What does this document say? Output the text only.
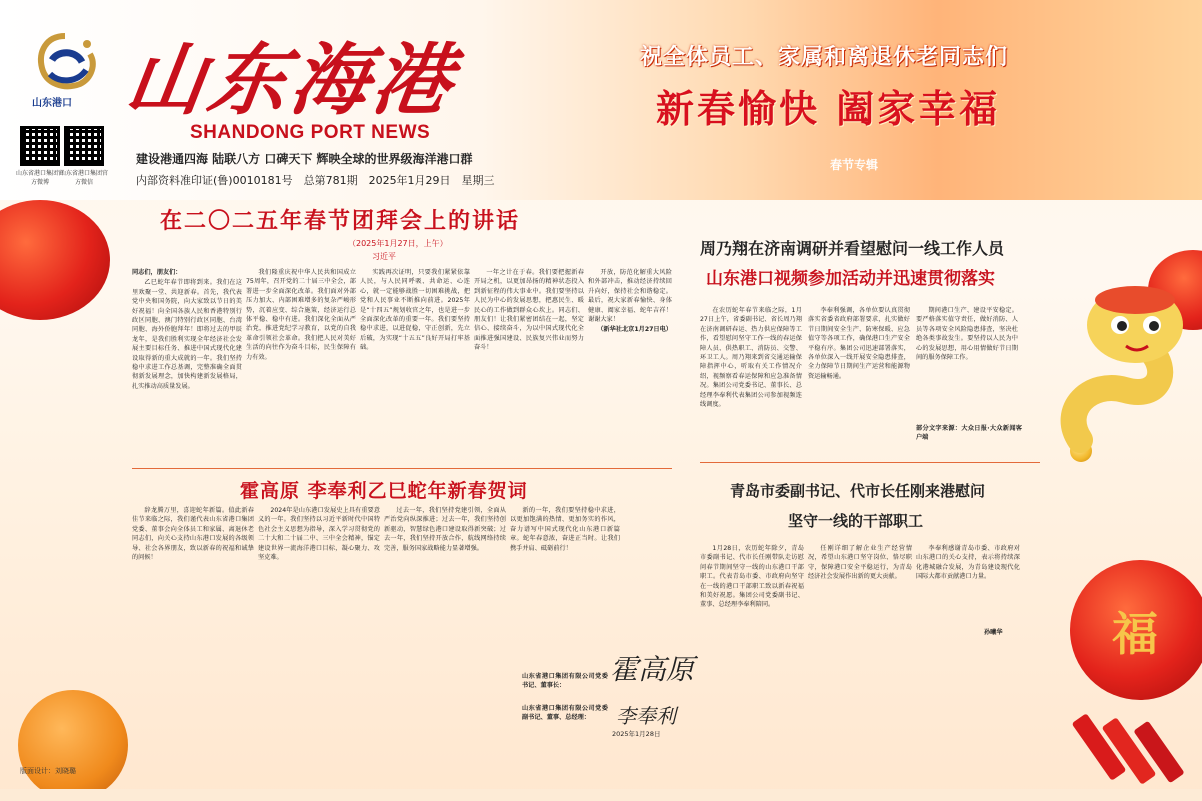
山东港口 山东海港
SHANDONG PORT NEWS
建设港通四海 陆联八方 口碑天下 辉映全球的世界级海洋港口群
内部资料准印证(鲁)0010181号　总第781期　2025年1月29日　星期三
山东省港口集团官方微博
山东省港口集团官方微信
祝全体员工、家属和离退休老同志们
新春愉快 阖家幸福
春节专辑
福
在二〇二五年春节团拜会上的讲话
（2025年1月27日，上午）
习近平

同志们，朋友们：

乙巳蛇年春节即将到来。我们在这里欢聚一堂、共迎新春。首先，我代表党中央和国务院，向大家致以节日的美好祝福！向全国各族人民和香港特别行政区同胞、澳门特别行政区同胞、台湾同胞、海外侨胞拜年！即将过去的甲辰龙年，是我们胜利实现全年经济社会发展主要目标任务、推进中国式现代化建设取得新的重大成就的一年。我们坚持稳中求进工作总基调，完整准确全面贯彻新发展理念，加快构建新发展格局，扎实推动高质量发展。

我们隆重庆祝中华人民共和国成立75周年，召开党的二十届三中全会，部署进一步全面深化改革。我们面对外部压力加大、内部困难增多的复杂严峻形势，沉着应变、综合施策，经济运行总体平稳、稳中有进。我们深化全面从严治党，推进党纪学习教育，以党的自我革命引领社会革命。我们把人民对美好生活的向往作为奋斗目标，民生保障有力有效。

实践再次证明，只要我们紧紧依靠人民，与人民同呼吸、共命运、心连心，就一定能够战胜一切困难挑战，把党和人民事业不断推向前进。2025年是“十四五”规划收官之年，也是进一步全面深化改革的重要一年。我们要坚持稳中求进，以进促稳，守正创新，先立后破，为实现“十五五”良好开局打牢基础。

一年之计在于春。我们要把握新春开局之机，以更加昂扬的精神状态投入到新征程的伟大事业中。我们要坚持以人民为中心的发展思想，把惠民生、暖民心的工作做到群众心坎上。同志们、朋友们！让我们紧密团结在一起，坚定信心、接续奋斗，为以中国式现代化全面推进强国建设、民族复兴伟业而努力奋斗！

开放，防范化解重大风险和外部冲击，推动经济持续回升向好，保持社会和谐稳定。最后，祝大家新春愉快、身体健康、阖家幸福、蛇年吉祥！谢谢大家！

（新华社北京1月27日电）

霍高原 李奉利乙巳蛇年新春贺词

辞龙腾万里，喜迎蛇年新篇。值此新春佳节来临之际，我们谨代表山东省港口集团党委、董事会向全体员工和家属、离退休老同志们，向关心支持山东港口发展的各级领导、社会各界朋友，致以新春的祝福和诚挚的问候！

2024年是山东港口发展史上具有重要意义的一年。我们坚持以习近平新时代中国特色社会主义思想为指导，深入学习贯彻党的二十大和二十届二中、三中全会精神，锚定建设世界一流海洋港口目标，凝心聚力、攻坚克难。

过去一年，我们坚持党建引领，全面从严治党向纵深推进；过去一年，我们坚持创新驱动，智慧绿色港口建设取得新突破；过去一年，我们坚持开放合作，航线网络持续完善，服务国家战略能力显著增强。

新的一年，我们要坚持稳中求进，以更加饱满的热情、更加务实的作风，奋力谱写中国式现代化山东港口新篇章。蛇年春意浓，奋进正当时。让我们携手并肩、砥砺前行！

山东省港口集团有限公司党委书记、董事长：
山东省港口集团有限公司党委副书记、董事、总经理：
霍高原
李奉利
2025年1月28日
周乃翔在济南调研并看望慰问一线工作人员
山东港口视频参加活动并迅速贯彻落实

在农历蛇年春节来临之际，1月27日上午，省委副书记、省长周乃翔在济南调研春运、热力供应保障等工作，看望慰问坚守工作一线的春运保障人员、供热职工、消防员、交警、环卫工人。周乃翔来到省交通运输保障指挥中心，听取有关工作情况介绍，视频察看春运保障和应急准备情况。集团公司党委书记、董事长、总经理李奉利代表集团公司参加视频连线调度。

李奉利强调，各单位要认真贯彻落实省委省政府部署要求，扎实做好节日期间安全生产、防寒保暖、应急值守等各项工作，确保港口生产安全平稳有序。集团公司迅速部署落实，各单位深入一线开展安全隐患排查，全力保障节日期间生产运营和能源物资运输畅通。

期间港口生产、建设平安稳定。要严格落实值守责任，做好消防、人员等各项安全风险隐患排查，坚决杜绝各类事故发生。要坚持以人民为中心的发展思想，用心用情做好节日期间的服务保障工作。

部分文字来源：大众日报·大众新闻客户端
青岛市委副书记、代市长任刚来港慰问
坚守一线的干部职工

1月28日，农历蛇年除夕，青岛市委副书记、代市长任刚带队走访慰问春节期间坚守一线的山东港口干部职工。代表青岛市委、市政府向坚守在一线的港口干部职工致以新春祝福和美好祝愿。集团公司党委副书记、董事、总经理李奉利陪同。

任刚详细了解企业生产经营情况，希望山东港口坚守岗位、恪尽职守，保障港口安全平稳运行，为青岛经济社会发展作出新的更大贡献。

李奉利感谢青岛市委、市政府对山东港口的关心支持，表示将持续深化港城融合发展，为青岛建设现代化国际大都市贡献港口力量。

孙曦华
版面设计：刘晓璐
